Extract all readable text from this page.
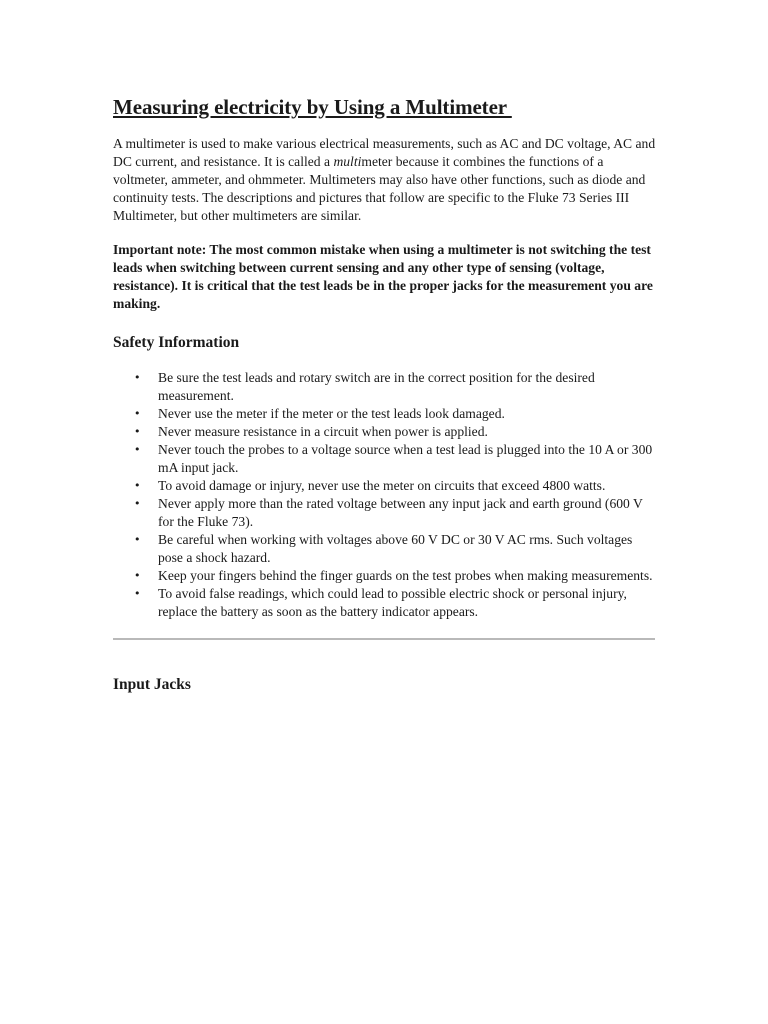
Measuring electricity by Using a Multimeter

A multimeter is used to make various electrical measurements, such as AC and DC voltage, AC and DC current, and resistance. It is called a multimeter because it combines the functions of a voltmeter, ammeter, and ohmmeter. Multimeters may also have other functions, such as diode and continuity tests. The descriptions and pictures that follow are specific to the Fluke 73 Series III Multimeter, but other multimeters are similar.

Important note: The most common mistake when using a multimeter is not switching the test leads when switching between current sensing and any other type of sensing (voltage, resistance). It is critical that the test leads be in the proper jacks for the measurement you are making.

Safety Information
• Be sure the test leads and rotary switch are in the correct position for the desired measurement.
• Never use the meter if the meter or the test leads look damaged.
• Never measure resistance in a circuit when power is applied.
• Never touch the probes to a voltage source when a test lead is plugged into the 10 A or 300 mA input jack.
• To avoid damage or injury, never use the meter on circuits that exceed 4800 watts.
• Never apply more than the rated voltage between any input jack and earth ground (600 V for the Fluke 73).
• Be careful when working with voltages above 60 V DC or 30 V AC rms. Such voltages pose a shock hazard.
• Keep your fingers behind the finger guards on the test probes when making measurements.
• To avoid false readings, which could lead to possible electric shock or personal injury, replace the battery as soon as the battery indicator appears.
Input Jacks
